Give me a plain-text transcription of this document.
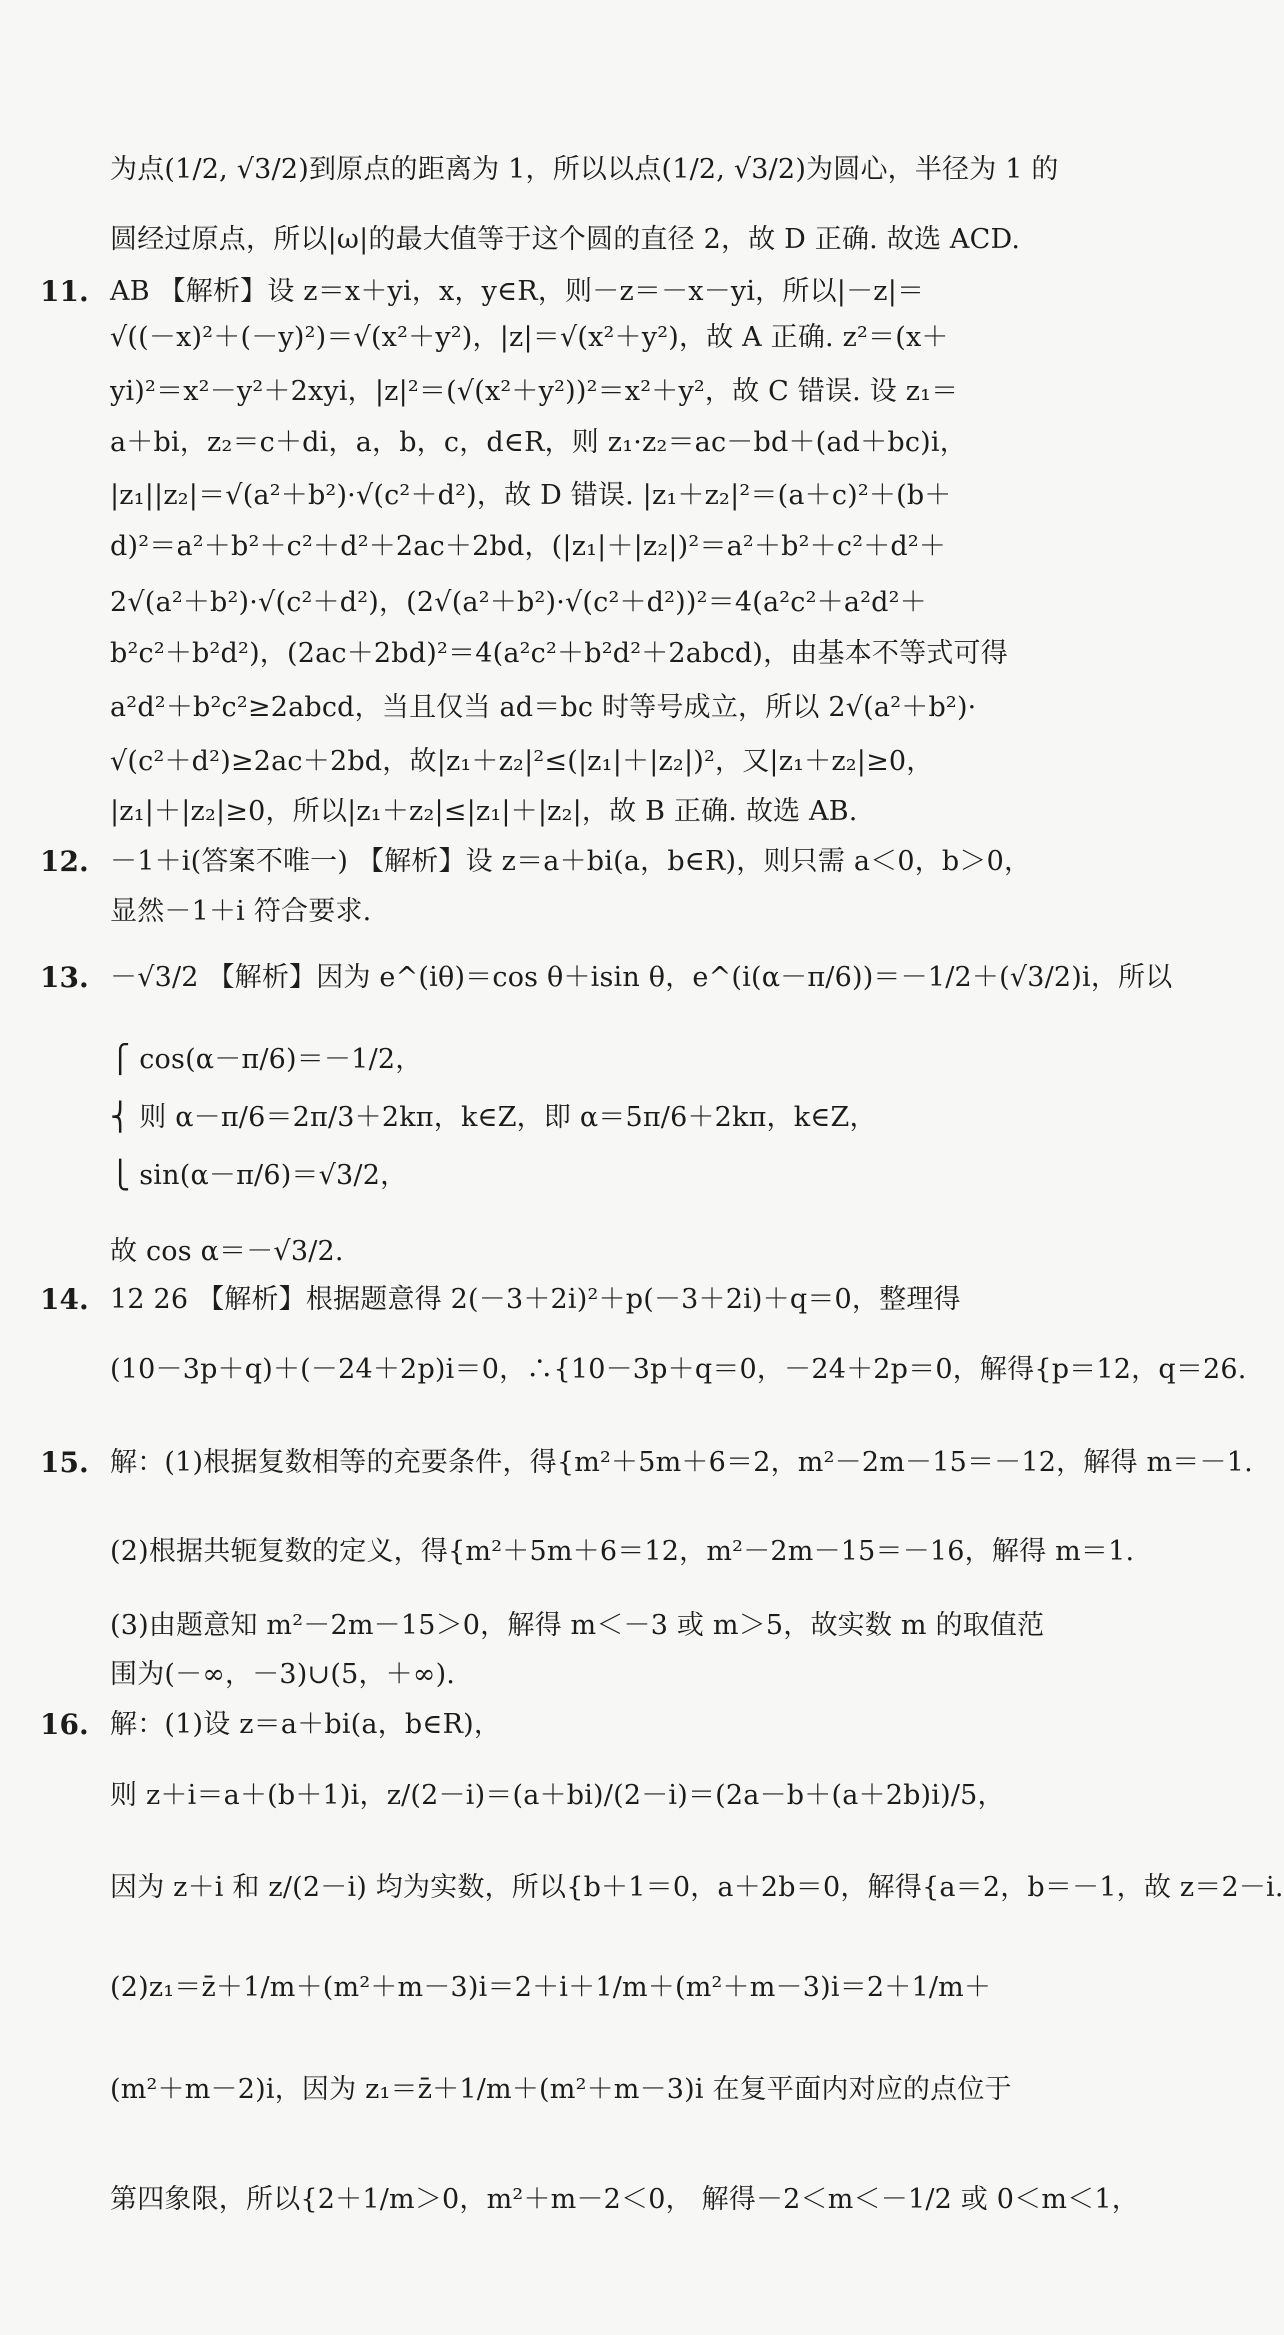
为点(1/2, √3/2)到原点的距离为 1，所以以点(1/2, √3/2)为圆心，半径为 1 的
圆经过原点，所以|ω|的最大值等于这个圆的直径 2，故 D 正确. 故选 ACD.
11. AB 【解析】设 z＝x＋yi，x，y∈R，则－z＝－x－yi，所以|－z|＝
√((－x)²＋(－y)²)＝√(x²＋y²)，|z|＝√(x²＋y²)，故 A 正确. z²＝(x＋
yi)²＝x²－y²＋2xyi，|z|²＝(√(x²＋y²))²＝x²＋y²，故 C 错误. 设 z₁＝
a＋bi，z₂＝c＋di，a，b，c，d∈R，则 z₁·z₂＝ac－bd＋(ad＋bc)i，
|z₁||z₂|＝√(a²＋b²)·√(c²＋d²)，故 D 错误. |z₁＋z₂|²＝(a＋c)²＋(b＋
d)²＝a²＋b²＋c²＋d²＋2ac＋2bd，(|z₁|＋|z₂|)²＝a²＋b²＋c²＋d²＋
2√(a²＋b²)·√(c²＋d²)，(2√(a²＋b²)·√(c²＋d²))²＝4(a²c²＋a²d²＋
b²c²＋b²d²)，(2ac＋2bd)²＝4(a²c²＋b²d²＋2abcd)，由基本不等式可得
a²d²＋b²c²≥2abcd，当且仅当 ad＝bc 时等号成立，所以 2√(a²＋b²)·
√(c²＋d²)≥2ac＋2bd，故|z₁＋z₂|²≤(|z₁|＋|z₂|)²，又|z₁＋z₂|≥0，
|z₁|＋|z₂|≥0，所以|z₁＋z₂|≤|z₁|＋|z₂|，故 B 正确. 故选 AB.
12. －1＋i(答案不唯一) 【解析】设 z＝a＋bi(a，b∈R)，则只需 a＜0，b＞0，
显然－1＋i 符合要求.
13. －√3/2 【解析】因为 e^(iθ)＝cos θ＋isin θ，e^(i(α－π/6))＝－1/2＋(√3/2)i，所以
⎧ cos(α－π/6)＝－1/2，
⎨ 则 α－π/6＝2π/3＋2kπ，k∈Z，即 α＝5π/6＋2kπ，k∈Z，
⎩ sin(α－π/6)＝√3/2，
故 cos α＝－√3/2.
14. 12 26 【解析】根据题意得 2(－3＋2i)²＋p(－3＋2i)＋q＝0，整理得
(10－3p＋q)＋(－24＋2p)i＝0，∴{10－3p＋q＝0，－24＋2p＝0，解得{p＝12，q＝26.
15. 解：(1)根据复数相等的充要条件，得{m²＋5m＋6＝2，m²－2m－15＝－12，解得 m＝－1.
(2)根据共轭复数的定义，得{m²＋5m＋6＝12，m²－2m－15＝－16，解得 m＝1.
(3)由题意知 m²－2m－15＞0，解得 m＜－3 或 m＞5，故实数 m 的取值范
围为(－∞，－3)∪(5，＋∞).
16. 解：(1)设 z＝a＋bi(a，b∈R)，
则 z＋i＝a＋(b＋1)i，z/(2－i)＝(a＋bi)/(2－i)＝(2a－b＋(a＋2b)i)/5，
因为 z＋i 和 z/(2－i) 均为实数，所以{b＋1＝0，a＋2b＝0，解得{a＝2，b＝－1，故 z＝2－i.
(2)z₁＝z̄＋1/m＋(m²＋m－3)i＝2＋i＋1/m＋(m²＋m－3)i＝2＋1/m＋
(m²＋m－2)i，因为 z₁＝z̄＋1/m＋(m²＋m－3)i 在复平面内对应的点位于
第四象限，所以{2＋1/m＞0，m²＋m－2＜0， 解得－2＜m＜－1/2 或 0＜m＜1，
